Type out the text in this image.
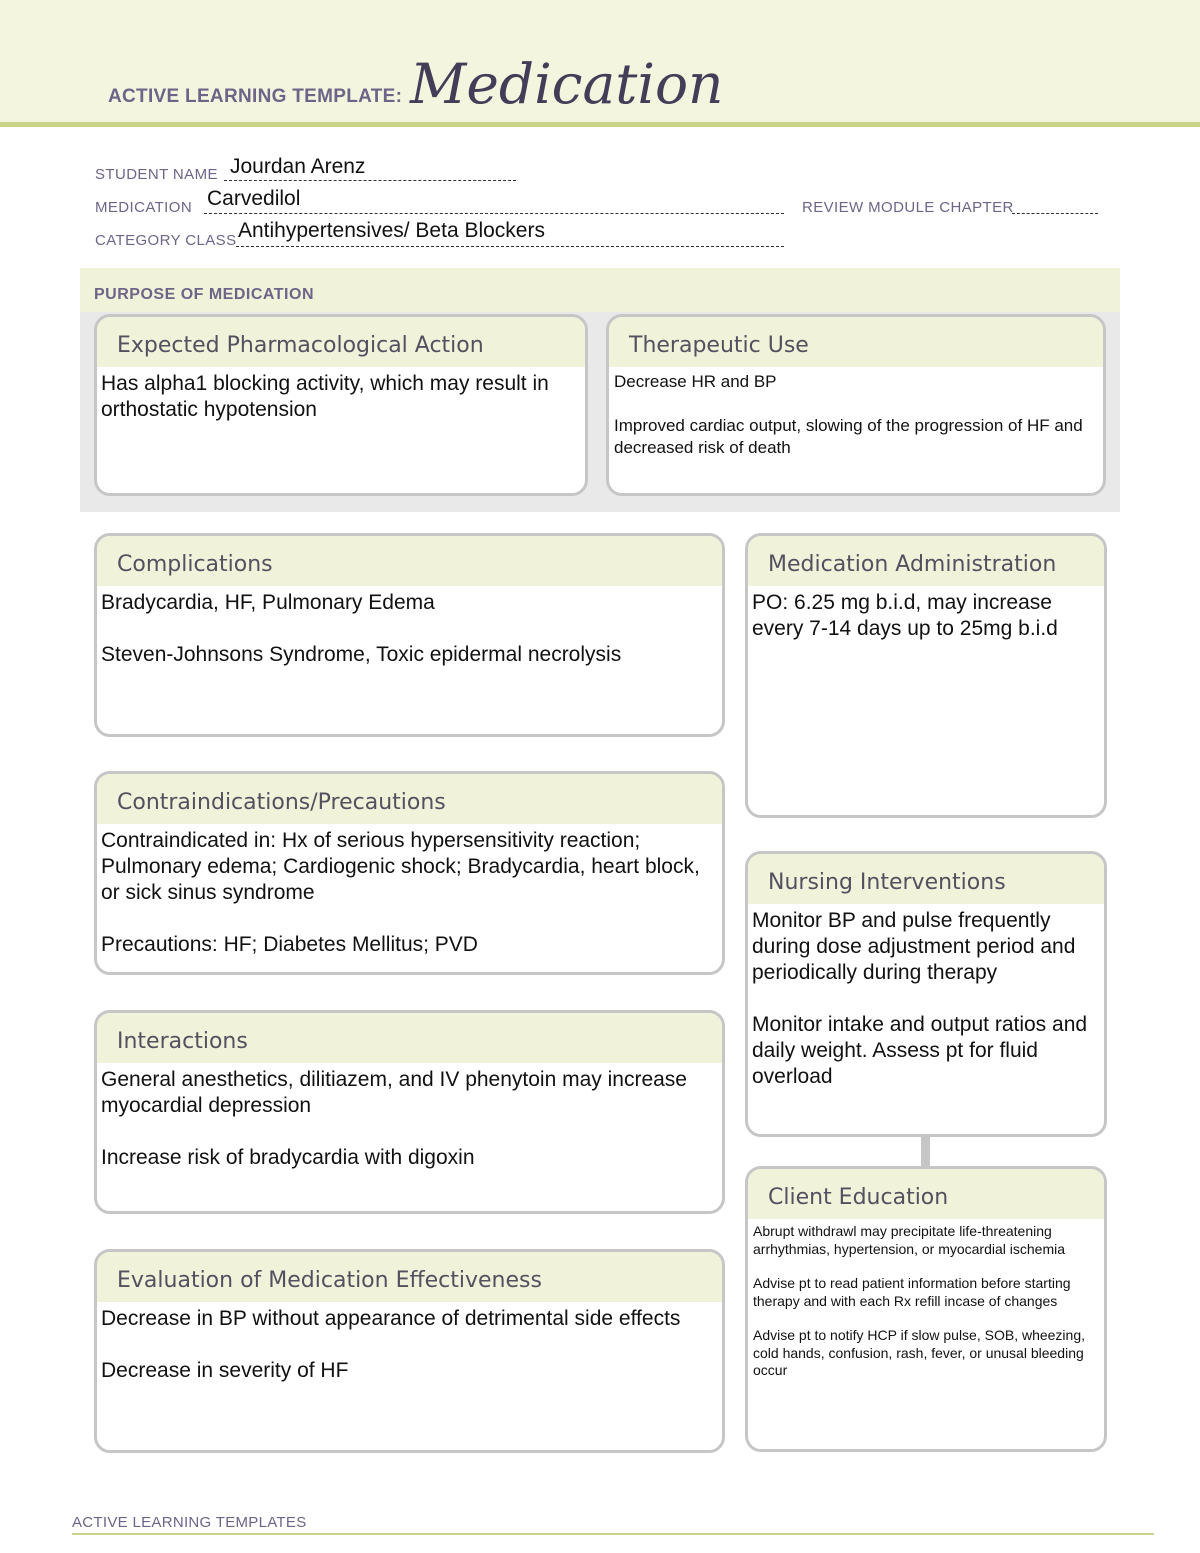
ACTIVE LEARNING TEMPLATE: Medication
STUDENT NAME Jourdan Arenz
MEDICATION Carvedilol	REVIEW MODULE CHAPTER
CATEGORY CLASS Antihypertensives/ Beta Blockers
PURPOSE OF MEDICATION
Expected Pharmacological Action

Has alpha1 blocking activity, which may result in orthostatic hypotension

Therapeutic Use

Decrease HR and BP

Improved cardiac output, slowing of the progression of HF and decreased risk of death

Complications

Bradycardia, HF, Pulmonary Edema

Steven-Johnsons Syndrome, Toxic epidermal necrolysis

Medication Administration

PO: 6.25 mg b.i.d, may increase every 7-14 days up to 25mg b.i.d

Contraindications/Precautions

Contraindicated in: Hx of serious hypersensitivity reaction; Pulmonary edema; Cardiogenic shock; Bradycardia, heart block, or sick sinus syndrome

Precautions: HF; Diabetes Mellitus; PVD

Nursing Interventions

Monitor BP and pulse frequently during dose adjustment period and periodically during therapy

Monitor intake and output ratios and daily weight. Assess pt for fluid overload

Interactions

General anesthetics, dilitiazem, and IV phenytoin may increase myocardial depression

Increase risk of bradycardia with digoxin

Client Education

Abrupt withdrawl may precipitate life-threatening arrhythmias, hypertension, or myocardial ischemia

Advise pt to read patient information before starting therapy and with each Rx refill incase of changes

Advise pt to notify HCP if slow pulse, SOB, wheezing, cold hands, confusion, rash, fever, or unusal bleeding occur

Evaluation of Medication Effectiveness

Decrease in BP without appearance of detrimental side effects

Decrease in severity of HF

ACTIVE LEARNING TEMPLATES
